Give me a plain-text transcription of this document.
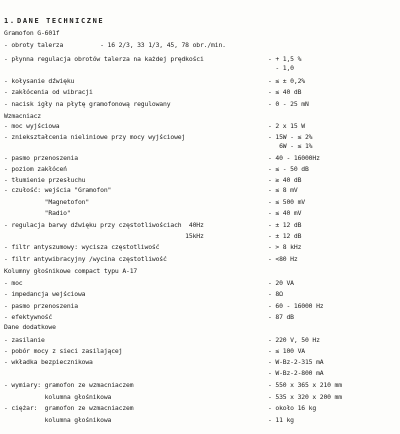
1. DANE TECHNICZNE
Gramofon G-601f
- obroty talerza          - 16 2/3, 33 1/3, 45, 78 obr./min.
- płynna regulacja obrotów talerza na każdej prędkości	- + 1,5 %
- 1,0
- kołysanie dźwięku	- ≤ ± 0,2%
- zakłócenia od wibracji	- ≤ 40 dB
- nacisk igły na płytę gramofonową regulowany	- 0 - 25 mN
Wzmacniacz
- moc wyjściowa	- 2 x 15 W
- zniekształcenia nieliniowe przy mocy wyjściowej	- 15W - ≤ 2%
6W - ≤ 1%
- pasmo przenoszenia	- 40 - 16000Hz
- poziom zakłóceń	- ≤ - 50 dB
- tłumienie przesłuchu	- ≥ 40 dB
- czułość: wejścia "Gramofon"	- ≤ 8 mV
"Magnetofon"	- ≤ 500 mV
"Radio"	- ≤ 40 mV
- regulacja barwy dźwięku przy częstotliwościach  40Hz	- ± 12 dB
15kHz	- ± 12 dB
- filtr antyszumowy: wycisza częstotliwość	- > 8 kHz
- filtr antywibracyjny /wycina częstotliwość	- <80 Hz
Kolumny głośnikowe compact typu A-17
- moc	- 20 VA
- impedancja wejściowa	- 8Ω
- pasmo przenoszenia	- 60 - 16000 Hz
- efektywność	- 87 dB
Dane dodatkowe
- zasilanie	- 220 V, 50 Hz
- pobór mocy z sieci zasilającej	- ≤ 100 VA
- wkładka bezpiecznikowa	- W-Bz-2-315 mA
- W-Bz-2-800 mA
- wymiary: gramofon ze wzmacniaczem	- 550 x 365 x 210 mm
kolumna głośnikowa	- 535 x 320 x 200 mm
- ciężar:  gramofon ze wzmacniaczem	- około 16 kg
kolumna głośnikowa	- 11 kg
